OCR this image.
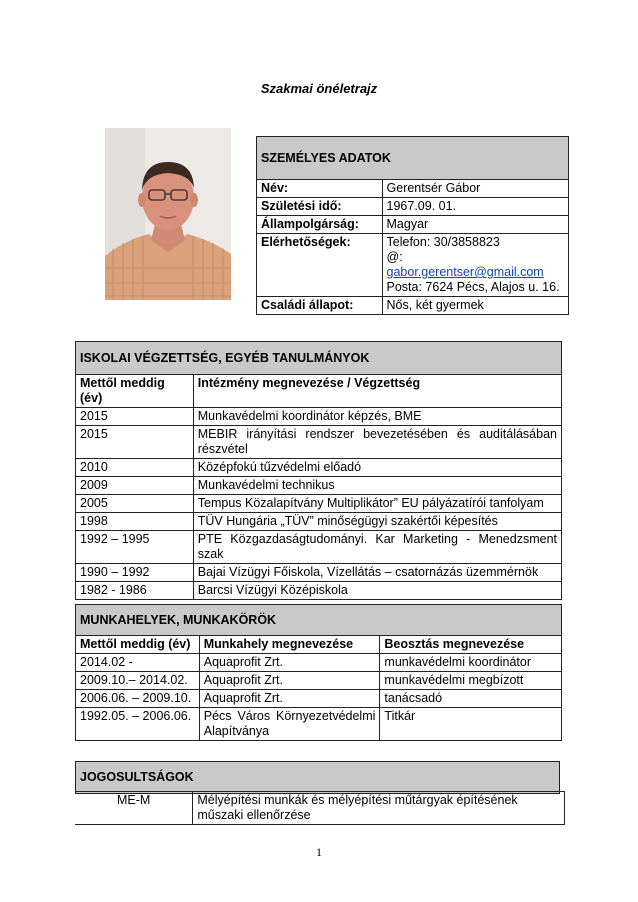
Szakmai önéletrajz
SZEMÉLYES ADATOK	
Név:	Gerentsér Gábor
Születési idő:	1967.09. 01.
Állampolgárság:	Magyar
Elérhetőségek:	Telefon: 30/3858823
@:
gabor.gerentser@gmail.com
Posta: 7624 Pécs, Alajos u. 16.

Családi állapot:	Nős, két gyermek
ISKOLAI VÉGZETTSÉG, EGYÉB TANULMÁNYOK	
Mettől meddig (év)	Intézmény megnevezése / Végzettség
2015	Munkavédelmi koordinátor képzés, BME
2015	MEBIR irányítási rendszer bevezetésében és auditálásában részvétel
2010	Középfokú tűzvédelmi előadó
2009	Munkavédelmi technikus
2005	Tempus Közalapítvány Multiplikátor” EU pályázatírói tanfolyam
1998	TÜV Hungária „TÜV” minőségügyi szakértői képesítés
1992 – 1995	PTE Közgazdaságtudományi. Kar Marketing - Menedzsment szak
1990 – 1992	Bajai Vízügyi Főiskola, Vízellátás – csatornázás üzemmérnök
1982 - 1986	Barcsi Vízügyi Középiskola
MUNKAHELYEK, MUNKAKÖRÖK		
Mettől meddig (év)	Munkahely megnevezése	Beosztás megnevezése
2014.02 -	Aquaprofit Zrt.	munkavédelmi koordinátor
2009.10.– 2014.02.	Aquaprofit Zrt.	munkavédelmi megbízott
2006.06. – 2009.10.	Aquaprofit Zrt.	tanácsadó
1992.05. – 2006.06.	Pécs Város Környezetvédelmi Alapítványa	Titkár
JOGOSULTSÁGOK
ME-M	Mélyépítési munkák és mélyépítési műtárgyak építésének műszaki ellenőrzése
1
